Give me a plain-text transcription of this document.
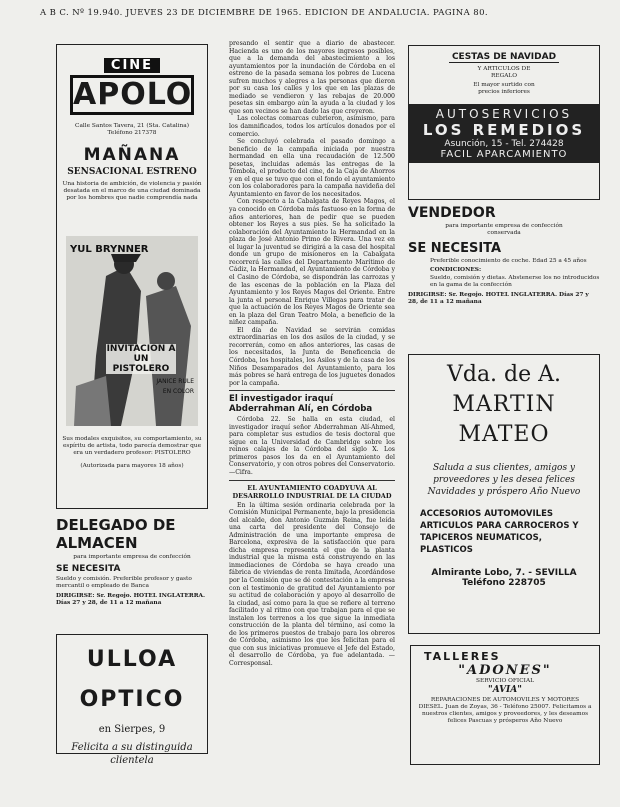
A B C. Nº 19.940. JUEVES 23 DE DICIEMBRE DE 1965. EDICION DE ANDALUCIA. PAGINA 80.
CINE
APOLO
Calle Santos Tavera, 21 (Sta. Catalina)
Teléfono 217378
MAÑANA
SENSACIONAL ESTRENO
Una historia de ambición, de violencia y pasión desatada en el marco de una ciudad dominada por los hombres que nadie comprendía nada
YUL BRYNNER
INVITACION A UN PISTOLERO
JANICE RULE
EN COLOR
Sus modales exquisitos, su comportamiento, su espíritu de artista, todo parecía demostrar que era un verdadero profesor: PISTOLERO
(Autorizada para mayores 18 años)
DELEGADO DE ALMACEN
para importante empresa de confección
SE NECESITA
Sueldo y comisión. Preferible profesor y gasto mercantil o empleado de Banca
DIRIGIRSE: Sr. Regojo. HOTEL INGLATERRA. Días 27 y 28, de 11 a 12 mañana
ULLOA OPTICO
en Sierpes, 9
Felicita a su distinguida clientela

presando el sentir que a diario de abastecer. Hacienda es uno de los mayores ingresos posibles, que a la demanda del abastecimiento a los ayuntamientos por la inundación de Córdoba en el estreno de la pasada semana los pobres de Lucena sufren muchos y alegres a las personas que dieron por su casa los calles y los que en las plazas de mediado se vendieron y las rebajas de 20.000 pesetas sin embargo aún la ayuda a la ciudad y los que son vecinos se han dado las que creyeron.

Las colectas comarcas cubrieron, asimismo, para los damnificados, todos los artículos donados por el comercio.

Se concluyó celebrada el pasado domingo a beneficio de la campaña iniciada por nuestra hermandad en ella una recaudación de 12.500 pesetas, incluidas además las entregas de la Tómbola, el producto del cine, de la Caja de Ahorros y en el que se tuvo que con el fondo el ayuntamiento con los colaboradores para la campaña navideña del Ayuntamiento en favor de los necesitados.

Con respecto a la Cabalgata de Reyes Magos, el ya conocido en Córdoba más fastuoso en la forma de años anteriores, han de pedir que se pueden obtener los Reyes a sus pies. Se ha solicitado la colaboración del Ayuntamiento la Hermandad en la plaza de José Antonio Primo de Rivera. Una vez en el lugar la juventud se dirigirá a la casa del hospital donde un grupo de misioneros en la Cabalgata recorrerá las calles del Departamento Marítimo de Cádiz, la Hermandad, el Ayuntamiento de Córdoba y el Casino de Córdoba, se dispondrán las carrozas y de las escenas de la población en la Plaza del Ayuntamiento y los Reyes Magos del Oriente. Entre la junta el personal Enrique Villegas para tratar de que la actuación de los Reyes Magos de Oriente sea en la plaza del Gran Teatro Mola, a beneficio de la niñez campaña.

El día de Navidad se servirán comidas extraordinarias en los dos asilos de la ciudad, y se recorrerán, como en años anteriores, las casas de los necesitados, la Junta de Beneficencia de Córdoba, los hospitales, los Asilos y de la casa de los Niños Desamparados del Ayuntamiento, para los más pobres se hará entrega de los juguetes donados por la campaña.

El investigador iraquí Abderrahman Alí, en Córdoba

Córdoba 22. Se halla en esta ciudad, el investigador iraquí señor Abderrahman Alí-Ahmed, para completar sus estudios de tesis doctoral que sigue en la Universidad de Cambridge sobre los reinos calajes de la Córdoba del siglo X. Los primeros pasos los da en el Ayuntamiento del Conservatorio, y con otros pobres del Conservatorio.—Cifra.

EL AYUNTAMIENTO COADYUVA AL DESARROLLO INDUSTRIAL DE LA CIUDAD

En la última sesión ordinaria celebrada por la Comisión Municipal Permanente, bajo la presidencia del alcalde, don Antonio Guzmán Reina, fue leída una carta del presidente del Consejo de Administración de una importante empresa de Barcelona, expresiva de la satisfacción que para dicha empresa representa el que de la planta industrial que la misma está construyendo en las inmediaciones de Córdoba se haya creado una fábrica de viviendas de renta limitada, Acordándose por la Comisión que se dé contestación a la empresa con el testimonio de gratitud del Ayuntamiento por su actitud de colaboración y apoyo al desarrollo de la ciudad, así como para la que se refiere al terreno facilitado y al ritmo con que trabajan para el que se instalen los terrenos a los que sigue la inmediata construcción de la planta del término, así como la de los primeros puestos de trabajo para los obreros de Córdoba, asimismo los que les felicitan para el que con sus iniciativas promueve el Jefe del Estado, el desarrollo de Córdoba, ya fue adelantada. —Corresponsal.

CESTAS DE NAVIDAD
Y ARTICULOS DE REGALO
El mayor surtido con precios inferiores
AUTOSERVICIOS
LOS REMEDIOS
Asunción, 15 - Tel. 274428
FACIL APARCAMIENTO
VENDEDOR
para importante empresa de confección conservada
SE NECESITA
Preferible conocimiento de coche. Edad 25 a 45 años
CONDICIONES:
Sueldo, comisión y dietas. Abstenerse los no introducidos en la gama de la confección
DIRIGIRSE: Sr. Regojo. HOTEL INGLATERRA. Días 27 y 28, de 11 a 12 mañana
Vda. de A.
MARTIN MATEO
Saluda a sus clientes, amigos y proveedores y les desea felices Navidades y próspero Año Nuevo
ACCESORIOS AUTOMOVILES ARTICULOS PARA CARROCEROS Y TAPICEROS NEUMATICOS, PLASTICOS
Almirante Lobo, 7. - SEVILLA
Teléfono 228705
TALLERES
"ADONES"
SERVICIO OFICIAL
"AVIA"
REPARACIONES DE AUTOMOVILES Y MOTORES DIESEL. Juan de Zoyas, 36 - Teléfono 25007. Felicitamos a nuestros clientes, amigos y proveedores, y les deseamos felices Pascuas y prósperos Año Nuevo
